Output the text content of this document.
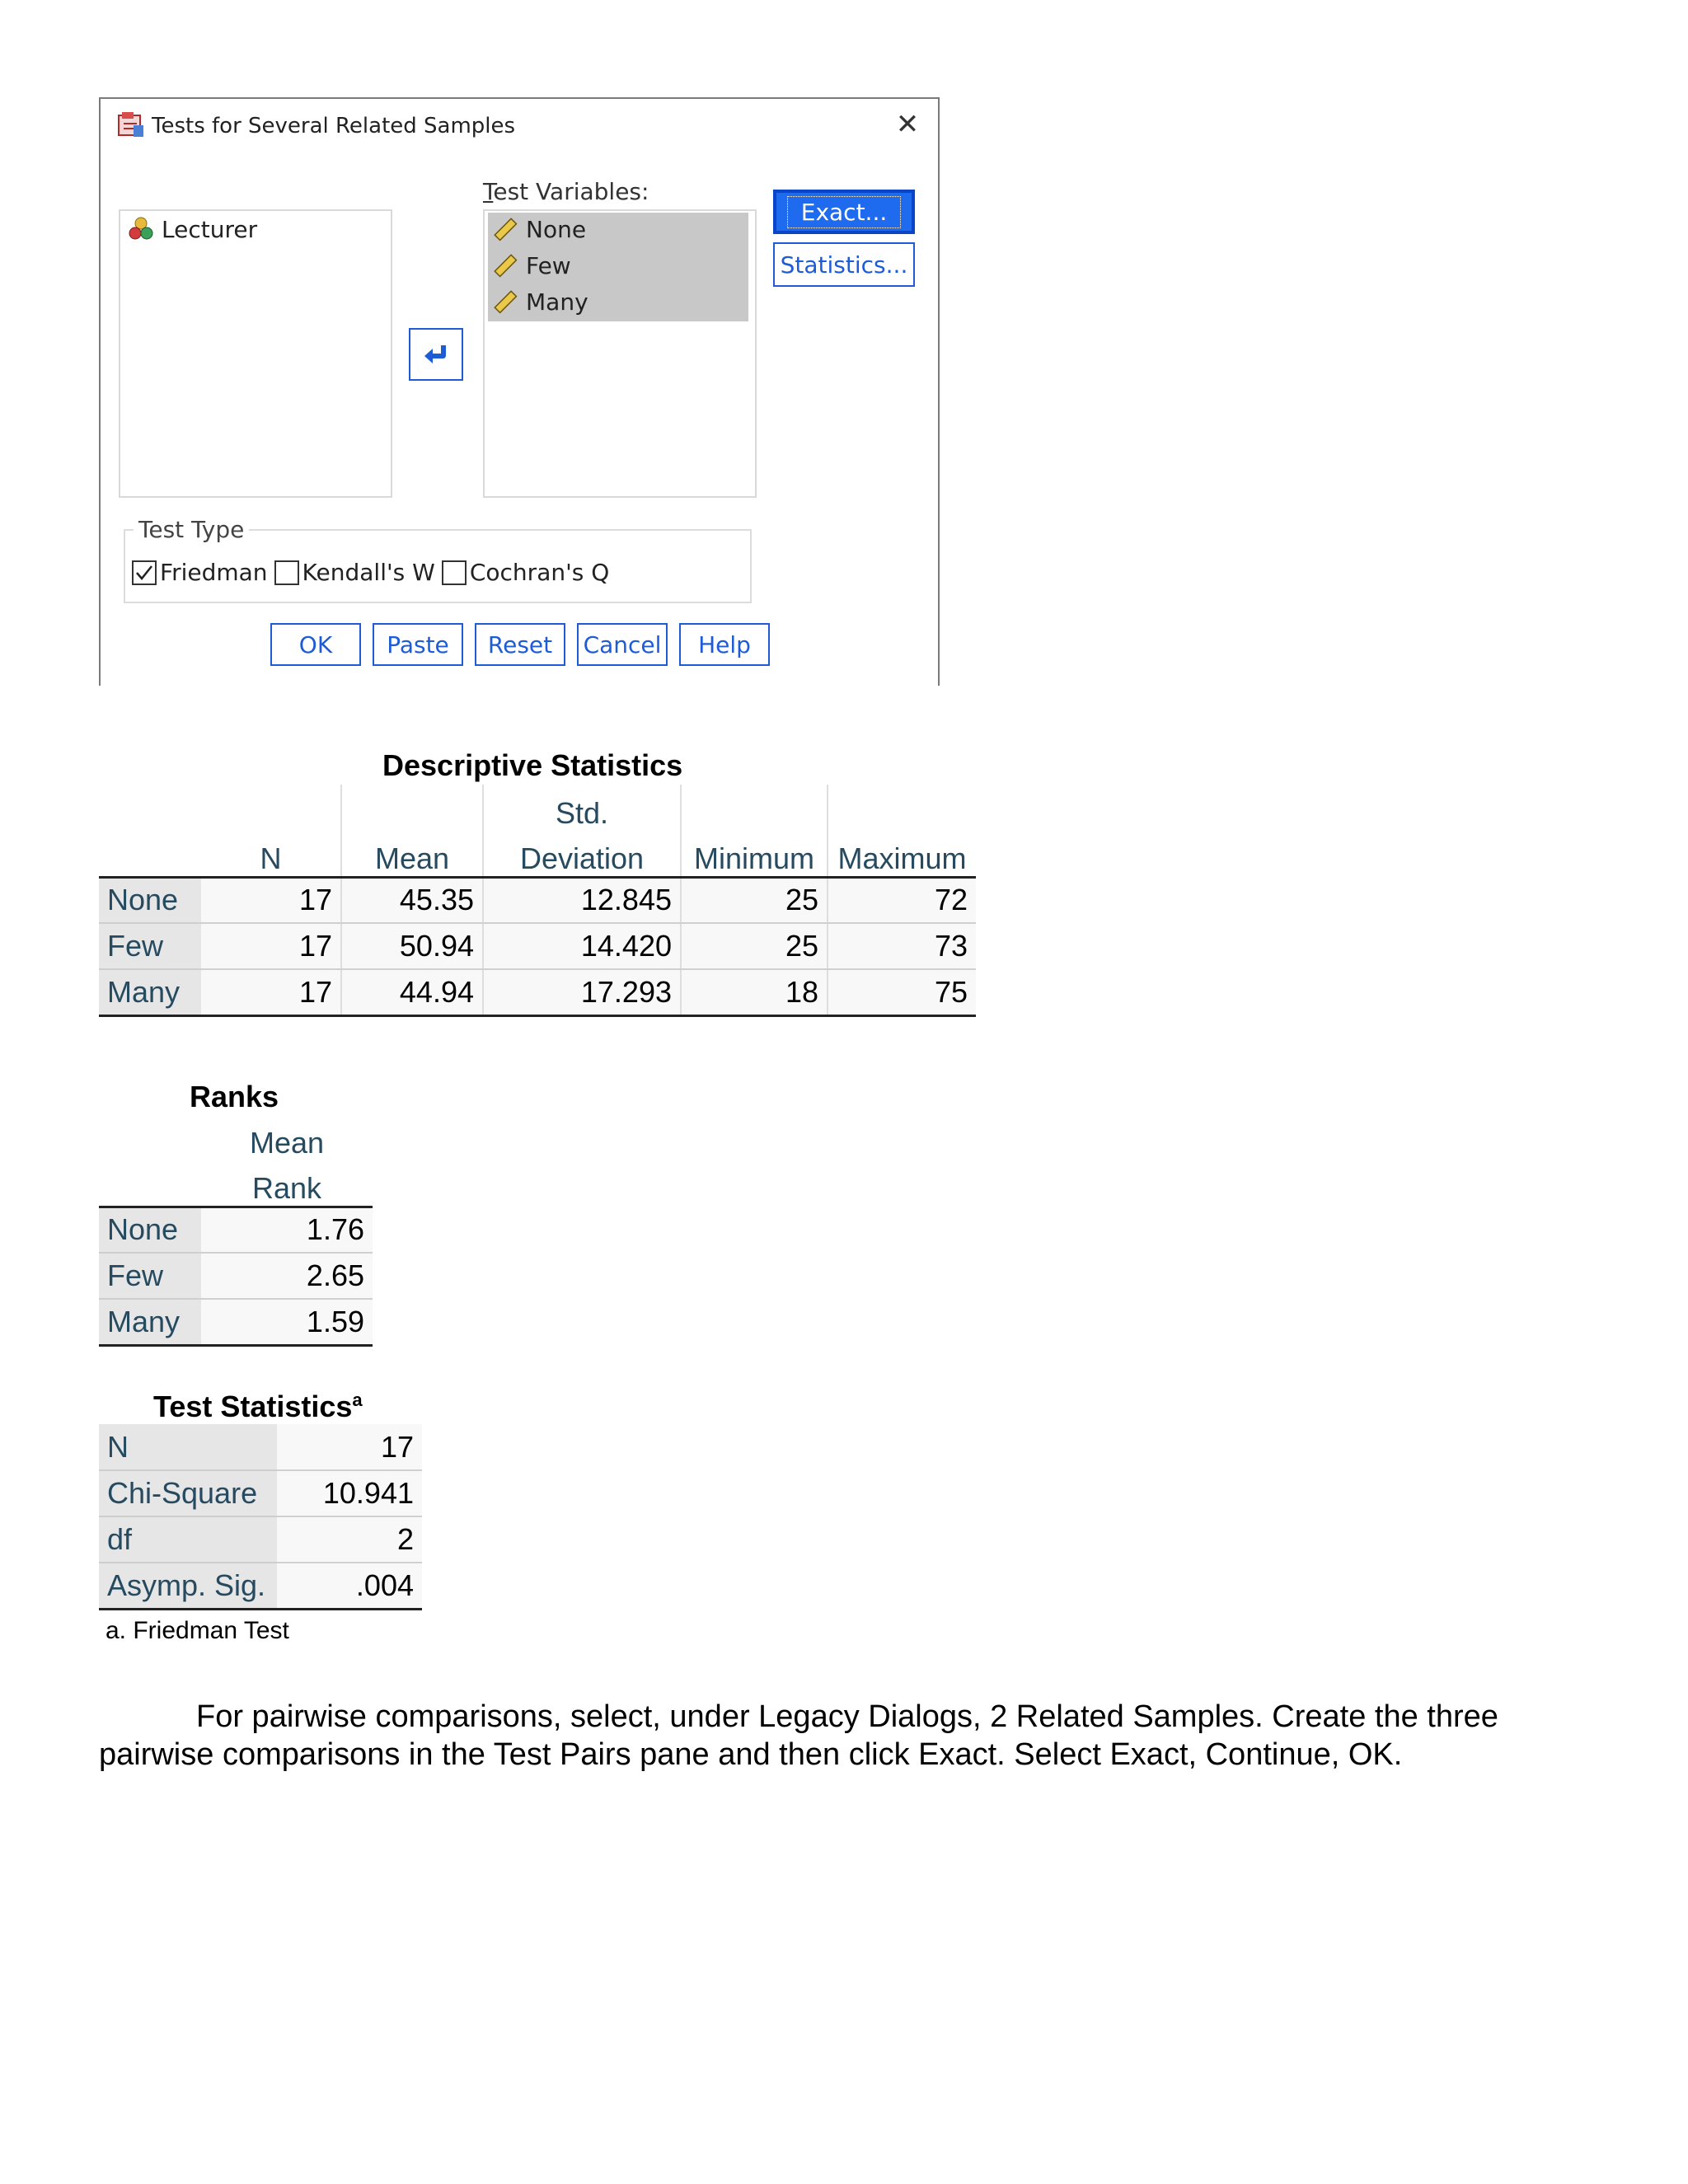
Tests for Several Related Samples	✕
Lecturer
Test Variables:
None
Few
Many
Exact...
Statistics...
Test Type
Friedman Kendall's W Cochran's Q
OK Paste Reset Cancel Help
Descriptive Statistics
			Std.		
	N	Mean	Deviation	Minimum	Maximum
None	17	45.35	12.845	25	72
Few	17	50.94	14.420	25	73
Many	17	44.94	17.293	18	75
Ranks
	Mean
	Rank
None	1.76
Few	2.65
Many	1.59
Test Statistics$^a$
N	17
Chi-Square	10.941
df	2
Asymp. Sig.	.004
a. Friedman Test
For pairwise comparisons, select, under Legacy Dialogs, 2 Related Samples. Create the three pairwise comparisons in the Test Pairs pane and then click Exact. Select Exact, Continue, OK.
